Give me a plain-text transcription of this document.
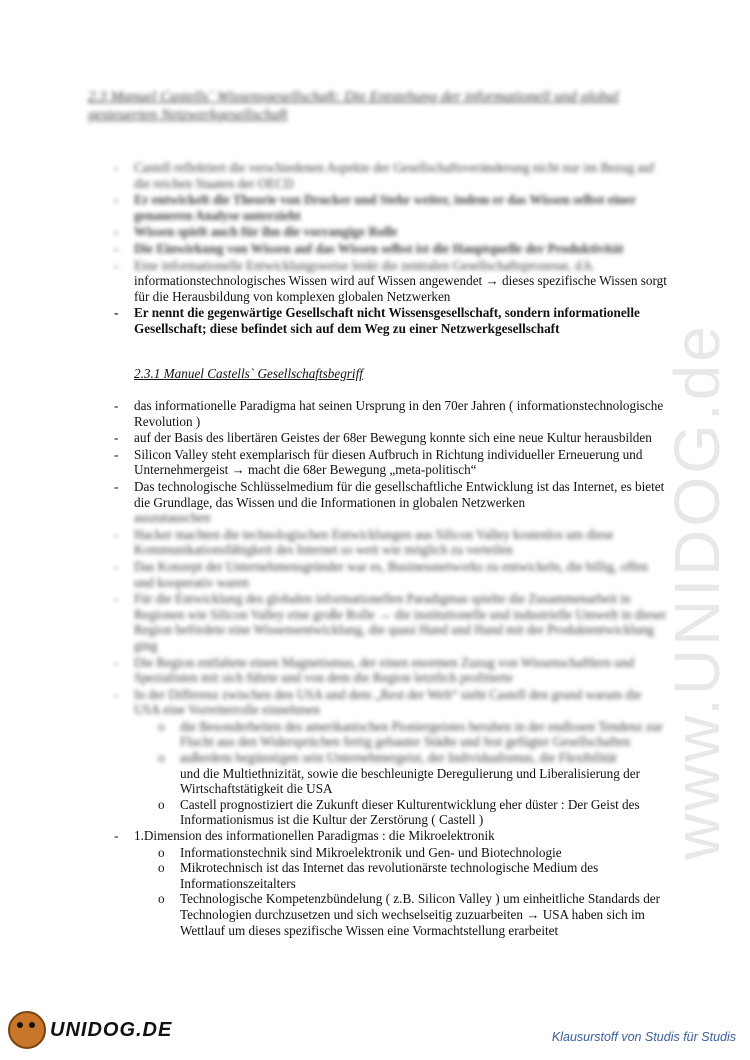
2.3 Manuel Castells` Wissensgesellschaft: Die Entstehung der informationell und global gesteuerten Netzwerkgesellschaft
- Castell reflektiert die verschiedenen Aspekte der Gesellschaftsveränderung nicht nur im Bezug auf die reichen Staaten der OECD
- Er entwickelt die Theorie von Drucker und Stehr weiter, indem er das Wissen selbst einer genaueren Analyse unterzieht
- Wissen spielt auch für ihn die vorrangige Rolle
- Die Einwirkung von Wissen auf das Wissen selbst ist die Hauptquelle der Produktivität
- Eine informationelle Entwicklungsweise lenkt die zentralen Gesellschaftsprozesse, d.h.
informationstechnologisches Wissen wird auf Wissen angewendet → dieses spezifische Wissen sorgt für die Herausbildung von komplexen globalen Netzwerken
- Er nennt die gegenwärtige Gesellschaft nicht Wissensgesellschaft, sondern informationelle Gesellschaft; diese befindet sich auf dem Weg zu einer Netzwerkgesellschaft
2.3.1 Manuel Castells` Gesellschaftsbegriff
- das informationelle Paradigma hat seinen Ursprung in den 70er Jahren ( informationstechnologische Revolution )
- auf der Basis des libertären Geistes der 68er Bewegung konnte sich eine neue Kultur herausbilden
- Silicon Valley steht exemplarisch für diesen Aufbruch in Richtung individueller Erneuerung und Unternehmergeist → macht die 68er Bewegung „meta-politisch“
- Das technologische Schlüsselmedium für die gesellschaftliche Entwicklung ist das Internet, es bietet die Grundlage, das Wissen und die Informationen in globalen Netzwerken
auszutauschen
- Hacker machten die technologischen Entwicklungen aus Silicon Valley kostenlos um diese Kommunikationsfähigkeit des Internet so weit wie möglich zu verteilen
- Das Konzept der Unternehmensgründer war es, Businessnetworks zu entwickeln, die billig, offen und kooperativ waren
- Für die Entwicklung des globalen informationellen Paradigmas spielte die Zusammenarbeit in Regionen wie Silicon Valley eine große Rolle → die institutionelle und industrielle Umwelt in dieser Region befördete eine Wissensentwicklung, die quasi Hand und Hand mit der Produktentwicklung ging
- Die Region entfaltete einen Magnetismus, der einen enormen Zuzug von Wissenschaftlern und Spezialisten mit sich führte und von dem die Region letztlich profitierte
- In der Differenz zwischen den USA und dem „Rest der Welt“ sieht Castell den grund warum die USA eine Vorreiterrolle einnehmen
o die Besonderheiten des amerikanischen Pioniergeistes beruhen in der endlosen Tendenz zur Flucht aus den Widersprüchen fertig gebauter Städte und fest gefügter Gesellschaften
o außerdem begünstigen sein Unternehmergeist, der Individualismus, die Flexibilität
und die Multiethnizität, sowie die beschleunigte Deregulierung und Liberalisierung der Wirtschaftstätigkeit die USA
o Castell prognostiziert die Zukunft dieser Kulturentwicklung eher düster : Der Geist des Informationismus ist die Kultur der Zerstörung ( Castell )
- 1.Dimension des informationellen Paradigmas : die Mikroelektronik
o Informationstechnik sind Mikroelektronik und Gen- und Biotechnologie
o Mikrotechnisch ist das Internet das revolutionärste technologische Medium des Informationszeitalters
o Technologische Kompetenzbündelung ( z.B. Silicon Valley ) um einheitliche Standards der Technologien durchzusetzen und sich wechselseitig zuzuarbeiten → USA haben sich im Wettlauf um dieses spezifische Wissen eine Vormachtstellung erarbeitet
www.UNIDOG.de
UNIDOG.DE	Klausurstoff von Studis für Studis
